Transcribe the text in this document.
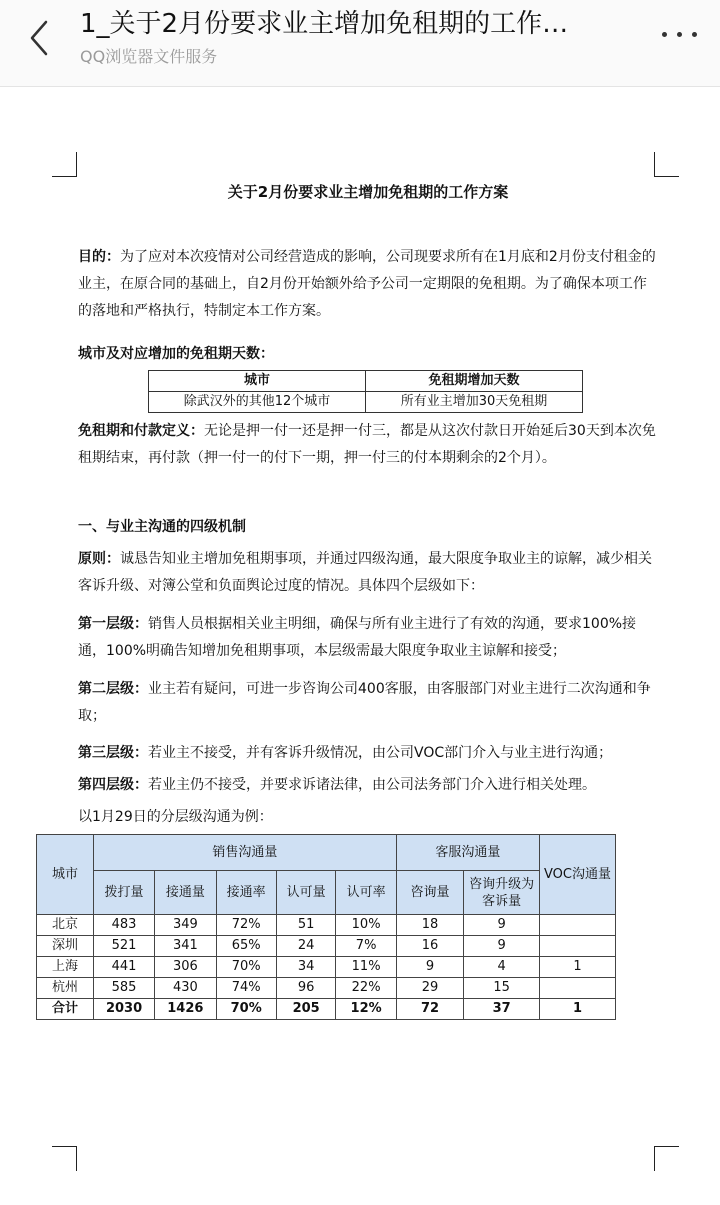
1_关于2月份要求业主增加免租期的工作…
QQ浏览器文件服务
关于2月份要求业主增加免租期的工作方案

目的：为了应对本次疫情对公司经营造成的影响，公司现要求所有在1月底和2月份支付租金的业主，在原合同的基础上，自2月份开始额外给予公司一定期限的免租期。为了确保本项工作的落地和严格执行，特制定本工作方案。

城市及对应增加的免租期天数：

城市	免租期增加天数
除武汉外的其他12个城市	所有业主增加30天免租期

免租期和付款定义：无论是押一付一还是押一付三，都是从这次付款日开始延后30天到本次免租期结束，再付款（押一付一的付下一期，押一付三的付本期剩余的2个月）。

一、与业主沟通的四级机制

原则：诚恳告知业主增加免租期事项，并通过四级沟通，最大限度争取业主的谅解，减少相关客诉升级、对簿公堂和负面舆论过度的情况。具体四个层级如下：

第一层级：销售人员根据相关业主明细，确保与所有业主进行了有效的沟通，要求100%接通，100%明确告知增加免租期事项，本层级需最大限度争取业主谅解和接受；

第二层级：业主若有疑问，可进一步咨询公司400客服，由客服部门对业主进行二次沟通和争取；

第三层级：若业主不接受，并有客诉升级情况，由公司VOC部门介入与业主进行沟通；

第四层级：若业主仍不接受，并要求诉诸法律，由公司法务部门介入进行相关处理。

以1月29日的分层级沟通为例：

城市	销售沟通量					客服沟通量		VOC沟通量
	拨打量	接通量	接通率	认可量	认可率	咨询量	咨询升级为客诉量	
北京	483	349	72%	51	10%	18	9	
深圳	521	341	65%	24	7%	16	9	
上海	441	306	70%	34	11%	9	4	1
杭州	585	430	74%	96	22%	29	15	
合计	2030	1426	70%	205	12%	72	37	1
